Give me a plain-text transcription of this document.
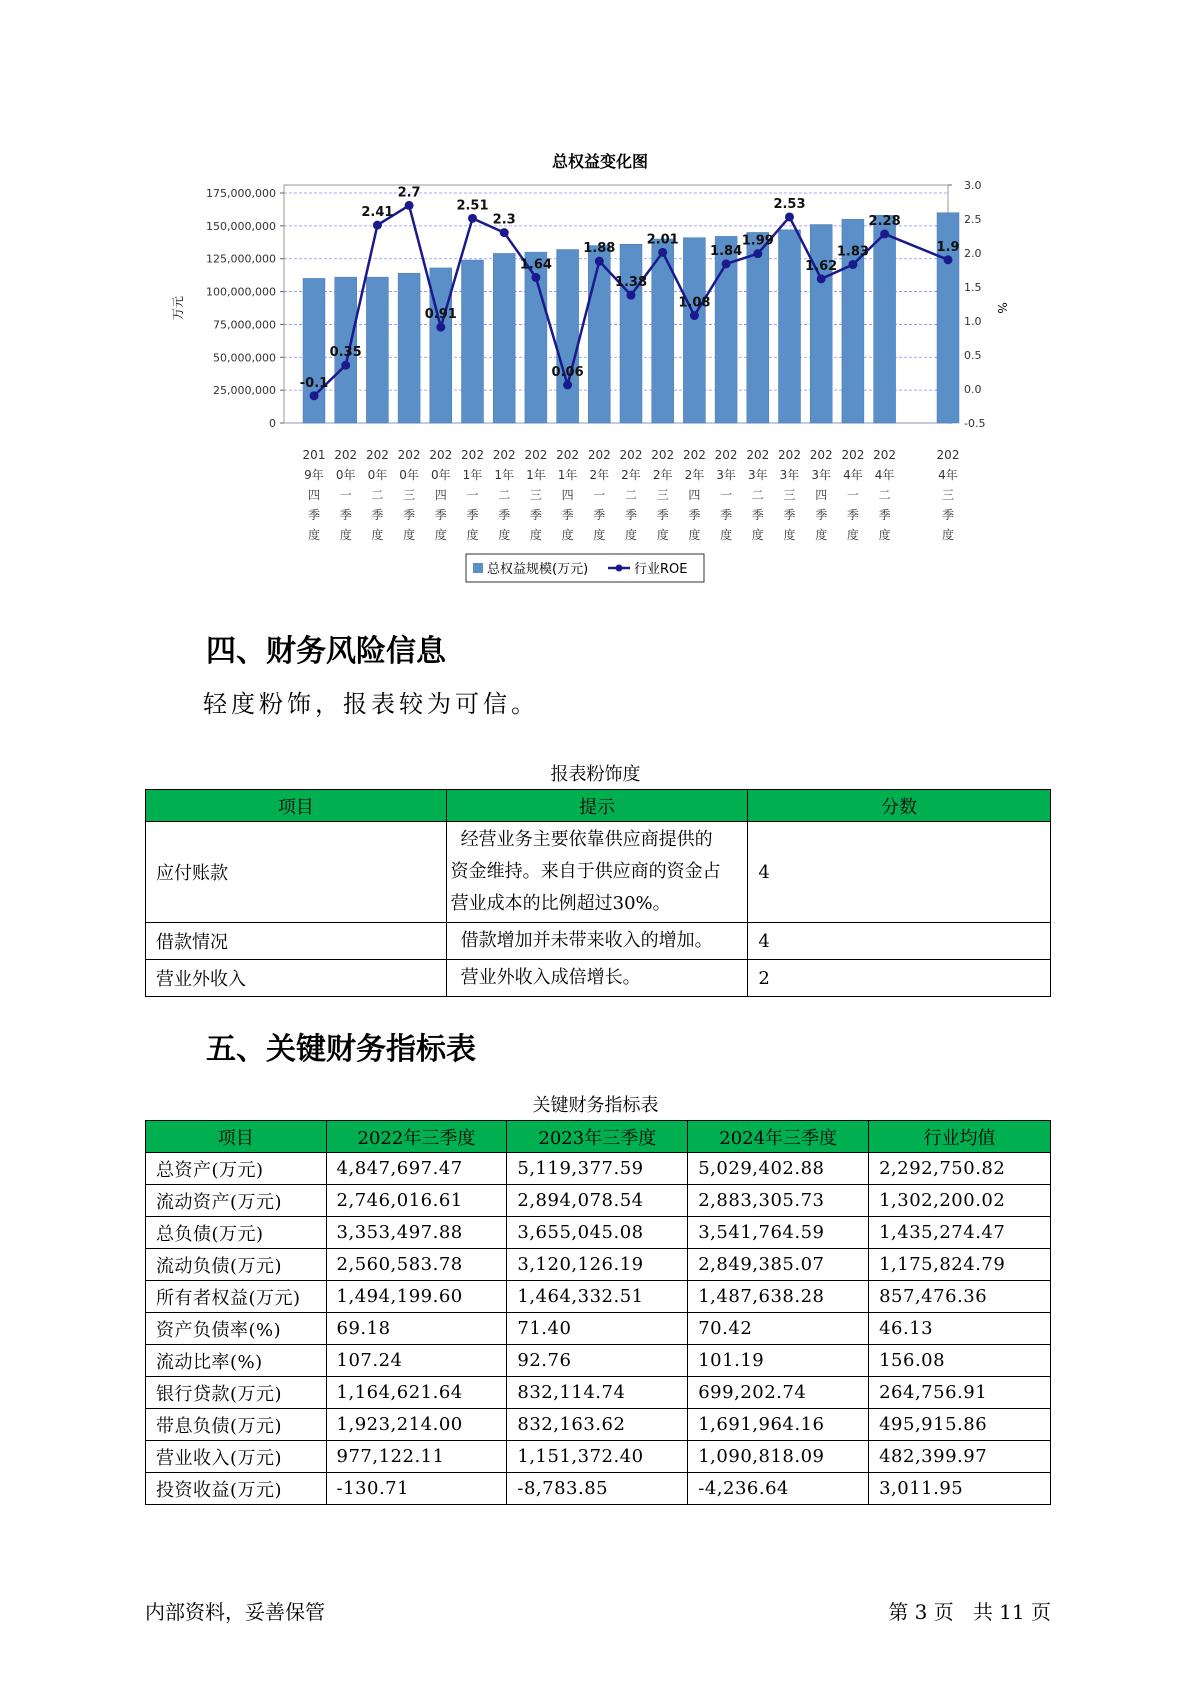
总权益变化图
0
25,000,000
50,000,000
75,000,000
100,000,000
125,000,000
150,000,000
175,000,000
-0.5
0.0
0.5
1.0
1.5
2.0
2.5
3.0
万元	%
-0.1
0.35
2.41
2.7
0.91
2.51
2.3
1.64
0.06
1.88
1.38
2.01
1.08
1.84
1.99
2.53
1.62
1.83
2.28
1.9
201
9年
四
季
度
202
0年
一
季
度
202
0年
二
季
度
202
0年
三
季
度
202
0年
四
季
度
202
1年
一
季
度
202
1年
二
季
度
202
1年
三
季
度
202
1年
四
季
度
202
2年
一
季
度
202
2年
二
季
度
202
2年
三
季
度
202
2年
四
季
度
202
3年
一
季
度
202
3年
二
季
度
202
3年
三
季
度
202
3年
四
季
度
202
4年
一
季
度
202
4年
二
季
度
202
4年
三
季
度
总权益规模(万元)	行业ROE
四、财务风险信息
轻度粉饰，报表较为可信。
报表粉饰度
项目	提示	分数
应付账款	经营业务主要依靠供应商提供的
资金维持。来自于供应商的资金占
营业成本的比例超过30%。	4
借款情况	借款增加并未带来收入的增加。	4
营业外收入	营业外收入成倍增长。	2
五、关键财务指标表
关键财务指标表
项目	2022年三季度	2023年三季度	2024年三季度	行业均值
总资产(万元)	4,847,697.47	5,119,377.59	5,029,402.88	2,292,750.82
流动资产(万元)	2,746,016.61	2,894,078.54	2,883,305.73	1,302,200.02
总负债(万元)	3,353,497.88	3,655,045.08	3,541,764.59	1,435,274.47
流动负债(万元)	2,560,583.78	3,120,126.19	2,849,385.07	1,175,824.79
所有者权益(万元)	1,494,199.60	1,464,332.51	1,487,638.28	857,476.36
资产负债率(%)	69.18	71.40	70.42	46.13
流动比率(%)	107.24	92.76	101.19	156.08
银行贷款(万元)	1,164,621.64	832,114.74	699,202.74	264,756.91
带息负债(万元)	1,923,214.00	832,163.62	1,691,964.16	495,915.86
营业收入(万元)	977,122.11	1,151,372.40	1,090,818.09	482,399.97
投资收益(万元)	-130.71	-8,783.85	-4,236.64	3,011.95
内部资料，妥善保管	第 3 页   共 11 页
